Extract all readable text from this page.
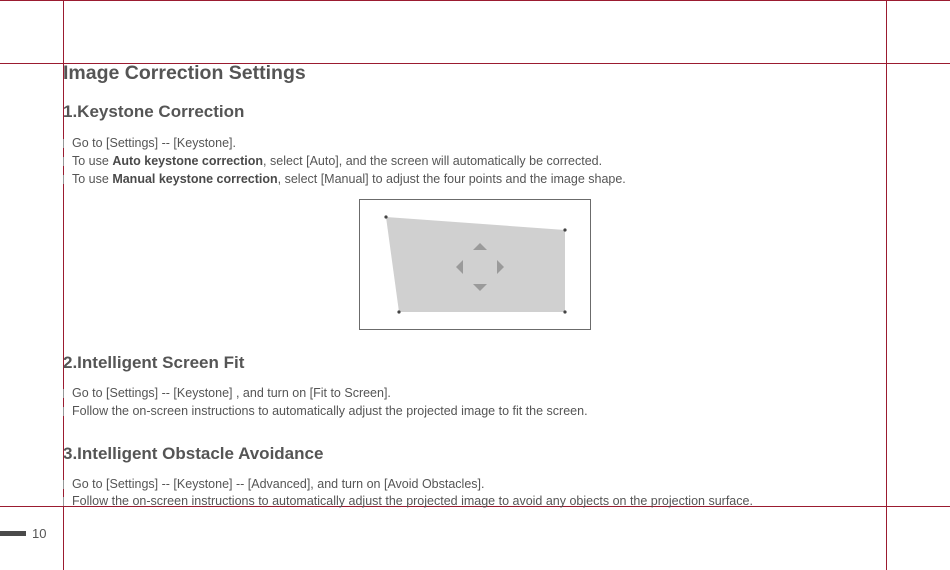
Image Correction Settings
1.Keystone Correction
Go to [Settings] -- [Keystone].
To use Auto keystone correction, select [Auto], and the screen will automatically be corrected.
To use Manual keystone correction, select [Manual] to adjust the four points and the image shape.
2.Intelligent Screen Fit
Go to [Settings] -- [Keystone] , and turn on [Fit to Screen].
Follow the on-screen instructions to automatically adjust the projected image to fit the screen.
3.Intelligent Obstacle Avoidance
Go to [Settings] -- [Keystone] -- [Advanced], and turn on [Avoid Obstacles].
Follow the on-screen instructions to automatically adjust the projected image to avoid any objects on the projection surface.
10
